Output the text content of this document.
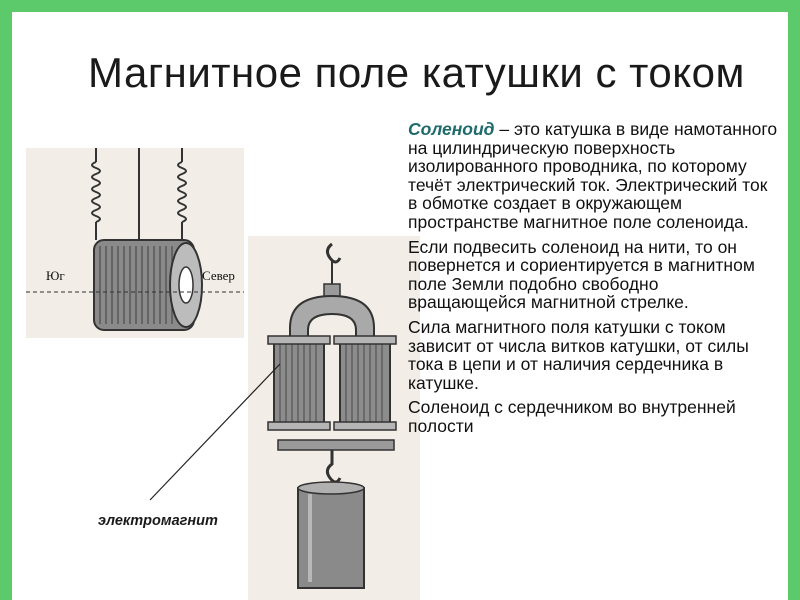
Магнитное поле катушки с током
Юг	Север
электромагнит

Соленоид – это катушка в виде намотанного на цилиндрическую поверхность изолированного проводника, по которому течёт электрический ток. Электрический ток в обмотке создает в окружающем пространстве магнитное поле соленоида.

Если подвесить соленоид на нити, то он повернется и сориентируется в магнитном поле Земли подобно свободно вращающейся магнитной стрелке.

Сила магнитного поля катушки с током зависит от числа витков катушки, от силы тока в цепи и от наличия сердечника в катушке.

Соленоид с сердечником во внутренней полости
